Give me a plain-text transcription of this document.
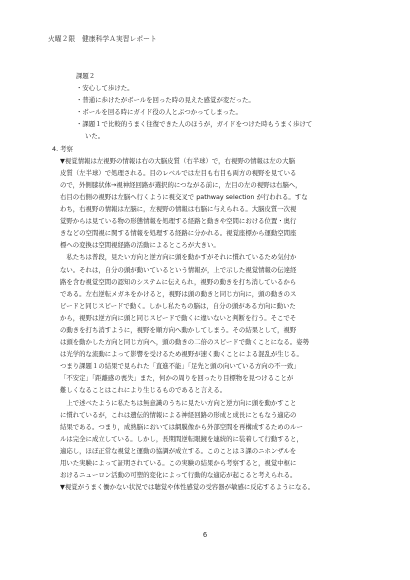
火曜２限　健康科学Ａ実習レポート
課題２
・安心して歩けた。
・普通に歩けたがボールを回った時の見えた感覚が変だった。
・ボールを回る時にガイド役の人とぶつかってしまった。
・課題１で比較的うまく往復できた人のほうが，ガイドをつけた時もうまく歩けて
いた。
4. 考察
▼視覚情報は左視野の情報は右の大脳皮質（右半球）で，右視野の情報は左の大脳
皮質（左半球）で処理される。目のレベルでは左目も右目も両方の視野を見ている
ので，外側膝状体→視神経回路が選択的につながる前に，左目の左の視野は右脳へ，
右目の右側の視野は左脳へ行くように視交叉で pathway selection が行われる。すな
わち，右視野の情報は左脳に，左視野の情報は右脳に与えられる。大脳皮質一次視
覚野からは見ている物の形態情報を処理する経路と動きや空間における位置・奥行
きなどの空間視に関する情報を処理する経路に分かれる。視覚座標から運動空間座
標への変換は空間視経路の活動によるところが大きい。
　私たちは普段，見たい方向と逆方向に頭を動かすがそれに慣れているため気付か
ない。それは，自分の頭が動いているという情報が，上で示した視覚情報の伝達経
路を含む視覚空間の認知のシステムに伝えられ，視野の動きを打ち消しているから
である。左右逆転メガネをかけると，視野は頭の動きと同じ方向に，頭の動きのス
ピードと同じスピードで動く。しかし私たちの脳は，自分の頭がある方向に動いた
から，視野は逆方向に頭と同じスピードで動くに違いないと判断を行う。そこでそ
の動きを打ち消すように，視野を順方向へ動かしてしまう。その結果として，視野
は頭を動かした方向と同じ方向へ，頭の動きの二倍のスピードで動くことになる。姿勢
は光学的な流動によって影響を受けるため視野が速く動くことによる混乱が生じる。
つまり課題１の結果で見られた「直進不能」「足先と頭の向いている方向の不一致」
「不安定」「距離感の喪失」また，何かの周りを回ったり目標物を見つけることが
難しくなることはこれにより生じるものであると言える。
　上で述べたように私たちは無意識のうちに見たい方向と逆方向に頭を動かすこと
に慣れているが，これは遺伝的情報による神経回路の形成と成長にともなう適応の
結果である。つまり，成熟脳においては網膜像から外部空間を再構成するためのルー
ルは完全に成立している。しかし，長期間逆転眼鏡を連続的に装着して行動すると，
適応し，ほぼ正常な視覚と運動の協調が成立する。このことは３課のニホンザルを
用いた実験によって証明されている。この実験の結果から考察すると，視覚中枢に
おけるニューロン活動の可塑的変化によって行動的な適応が起こると考えられる。
▼視覚がうまく働かない状況では聴覚や体性感覚の受容器が敏感に反応するようになる。
6
